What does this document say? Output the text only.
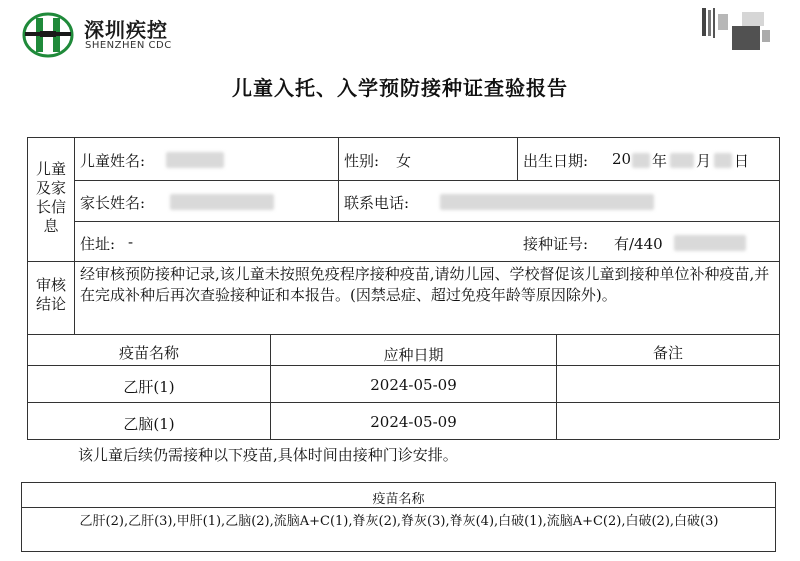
深圳疾控
SHENZHEN CDC
儿童入托、入学预防接种证查验报告
儿童及家长信息
儿童姓名:	性别: 女	出生日期: 20 年 月 日
家长姓名:	联系电话:
住址: -	接种证号: 有/440
审核结论
经审核预防接种记录,该儿童未按照免疫程序接种疫苗,请幼儿园、学校督促该儿童到接种单位补种疫苗,并在完成补种后再次查验接种证和本报告。(因禁忌症、超过免疫年龄等原因除外)。
疫苗名称	应种日期	备注
乙肝(1)	2024-05-09
乙脑(1)	2024-05-09
该儿童后续仍需接种以下疫苗,具体时间由接种门诊安排。
疫苗名称
乙肝(2),乙肝(3),甲肝(1),乙脑(2),流脑A+C(1),脊灰(2),脊灰(3),脊灰(4),白破(1),流脑A+C(2),白破(2),白破(3)
